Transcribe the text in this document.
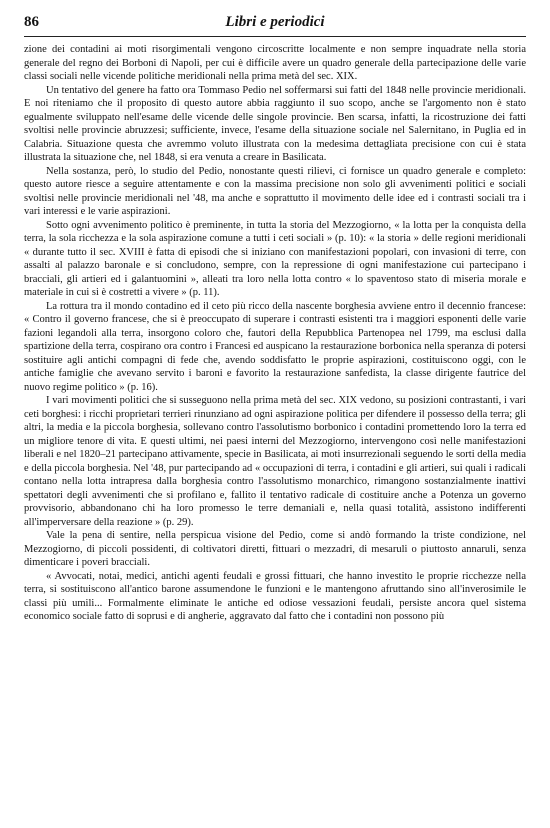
86	Libri e periodici

zione dei contadini ai moti risorgimentali vengono circoscritte localmente e non sempre inquadrate nella storia generale del regno dei Borboni di Napoli, per cui è difficile avere un quadro generale della partecipazione delle varie classi sociali nelle vicende politiche meridionali nella prima metà del sec. XIX.

Un tentativo del genere ha fatto ora Tommaso Pedio nel soffermarsi sui fatti del 1848 nelle provincie meridionali. E noi riteniamo che il proposito di questo autore abbia raggiunto il suo scopo, anche se l'argomento non è stato egualmente sviluppato nell'esame delle vicende delle singole provincie. Ben scarsa, infatti, la ricostruzione dei fatti svoltisi nelle provincie abruzzesi; sufficiente, invece, l'esame della situazione sociale nel Salernitano, in Puglia ed in Calabria. Situazione questa che avremmo voluto illustrata con la medesima dettagliata precisione con cui è stata illustrata la situazione che, nel 1848, si era venuta a creare in Basilicata.

Nella sostanza, però, lo studio del Pedio, nonostante questi rilievi, ci fornisce un quadro generale e completo: questo autore riesce a seguire attentamente e con la massima precisione non solo gli avvenimenti politici e sociali svoltisi nelle provincie meridionali nel '48, ma anche e soprattutto il movimento delle idee ed i contrasti sociali tra i vari interessi e le varie aspirazioni.

Sotto ogni avvenimento politico è preminente, in tutta la storia del Mezzogiorno, « la lotta per la conquista della terra, la sola ricchezza e la sola aspirazione comune a tutti i ceti sociali » (p. 10): « la storia » delle regioni meridionali « durante tutto il sec. XVIII è fatta di episodi che si iniziano con manifestazioni popolari, con invasioni di terre, con assalti al palazzo baronale e si concludono, sempre, con la repressione di ogni manifestazione cui partecipano i bracciali, gli artieri ed i galantuomini », alleati tra loro nella lotta contro « lo spaventoso stato di miseria morale e materiale in cui si è costretti a vivere » (p. 11).

La rottura tra il mondo contadino ed il ceto più ricco della nascente borghesia avviene entro il decennio francese: « Contro il governo francese, che si è preoccupato di superare i contrasti esistenti tra i maggiori esponenti delle varie fazioni legandoli alla terra, insorgono coloro che, fautori della Repubblica Partenopea nel 1799, ma esclusi dalla spartizione della terra, cospirano ora contro i Francesi ed auspicano la restaurazione borbonica nella speranza di potersi sostituire agli antichi compagni di fede che, avendo soddisfatto le proprie aspirazioni, costituiscono oggi, con le antiche famiglie che avevano servito i baroni e favorito la restaurazione sanfedista, la classe dirigente fautrice del nuovo regime politico » (p. 16).

I vari movimenti politici che si susseguono nella prima metà del sec. XIX vedono, su posizioni contrastanti, i vari ceti borghesi: i ricchi proprietari terrieri rinunziano ad ogni aspirazione politica per difendere il possesso della terra; gli altri, la media e la piccola borghesia, sollevano contro l'assolutismo borbonico i contadini promettendo loro la terra ed un migliore tenore di vita. E questi ultimi, nei paesi interni del Mezzogiorno, intervengono così nelle manifestazioni liberali e nel 1820–21 partecipano attivamente, specie in Basilicata, ai moti insurrezionali seguendo le sorti della media e della piccola borghesia. Nel '48, pur partecipando ad « occupazioni di terra, i contadini e gli artieri, sui quali i radicali contano nella lotta intrapresa dalla borghesia contro l'assolutismo monarchico, rimangono sostanzialmente inattivi spettatori degli avvenimenti che si profilano e, fallito il tentativo radicale di costituire anche a Potenza un governo provvisorio, abbandonano chi ha loro promesso le terre demaniali e, nella quasi totalità, assistono indifferenti all'imperversare della reazione » (p. 29).

Vale la pena di sentire, nella perspicua visione del Pedio, come si andò formando la triste condizione, nel Mezzogiorno, di piccoli possidenti, di coltivatori diretti, fittuari o mezzadri, di mesaruli o piuttosto annaruli, senza dimenticare i poveri bracciali.

« Avvocati, notai, medici, antichi agenti feudali e grossi fittuari, che hanno investito le proprie ricchezze nella terra, si sostituiscono all'antico barone assumendone le funzioni e le mantengono afruttando sino all'inverosimile le classi più umili... Formalmente eliminate le antiche ed odiose vessazioni feudali, persiste ancora quel sistema economico sociale fatto di soprusi e di angherie, aggravato dal fatto che i contadini non possono più
